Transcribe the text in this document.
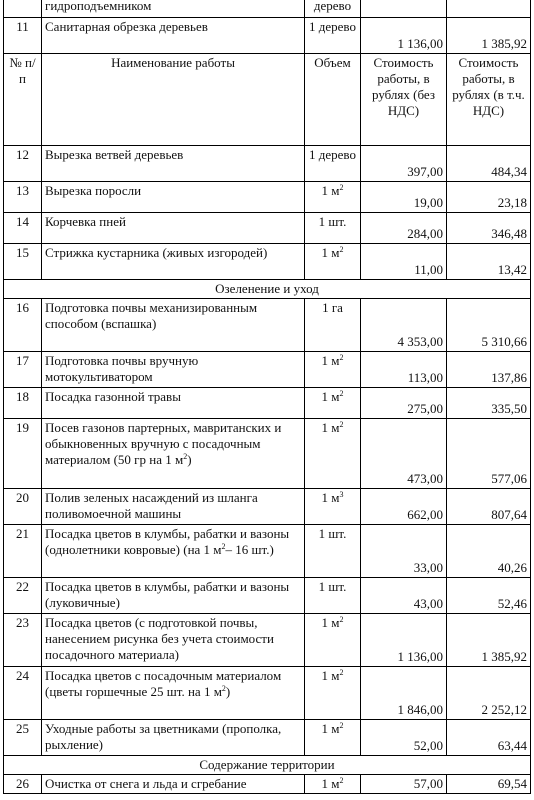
	гидроподъемником	дерево		
11	Санитарная обрезка деревьев	1 дерево	1 136,00	1 385,92
№ п/п	Наименование работы	Объем	Стоимость работы, в рублях (без НДС)	Стоимость работы, в рублях (в т.ч. НДС)
12	Вырезка ветвей деревьев	1 дерево	397,00	484,34
13	Вырезка поросли	1 $м^2$	19,00	23,18
14	Корчевка пней	1 шт.	284,00	346,48
15	Стрижка кустарника (живых изгородей)	1 $м^2$	11,00	13,42
Озеленение и уход				
16	Подготовка почвы механизированным способом (вспашка)	1 га	4 353,00	5 310,66
17	Подготовка почвы вручную мотокультиватором	1 $м^2$	113,00	137,86
18	Посадка газонной травы	1 $м^2$	275,00	335,50
19	Посев газонов партерных, мавританских и обыкновенных вручную с посадочным материалом (50 гр на 1 $м^2$)	1 $м^2$	473,00	577,06
20	Полив зеленых насаждений из шланга поливомоечной машины	1 $м^3$	662,00	807,64
21	Посадка цветов в клумбы, рабатки и вазоны (однолетники ковровые) (на 1 $м^2-$ 16 шт.)	1 шт.	33,00	40,26
22	Посадка цветов в клумбы, рабатки и вазоны (луковичные)	1 шт.	43,00	52,46
23	Посадка цветов (с подготовкой почвы, нанесением рисунка без учета стоимости посадочного материала)	1 $м^2$	1 136,00	1 385,92
24	Посадка цветов с посадочным материалом (цветы горшечные 25 шт. на 1 $м^2$)	1 $м^2$	1 846,00	2 252,12
25	Уходные работы за цветниками (прополка, рыхление)	1 $м^2$	52,00	63,44
Содержание территории				
26	Очистка от снега и льда и сгребание	1 $м^2$	57,00	69,54
